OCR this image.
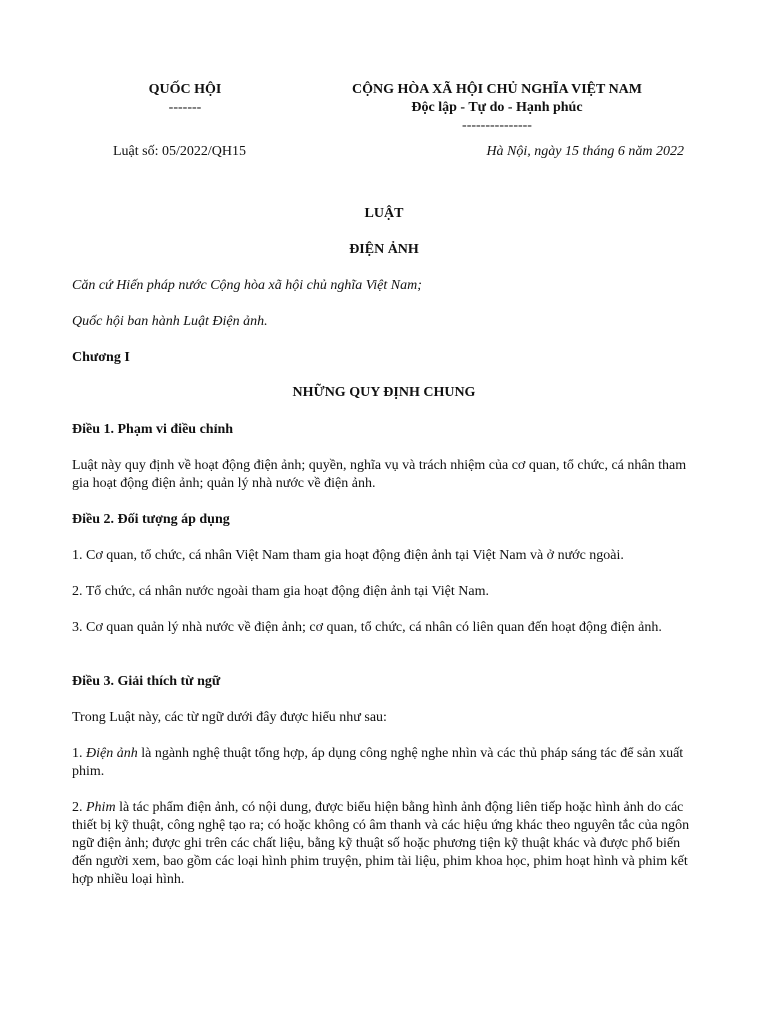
QUỐC HỘI
-------
CỘNG HÒA XÃ HỘI CHỦ NGHĨA VIỆT NAM
Độc lập - Tự do - Hạnh phúc
---------------
Luật số: 05/2022/QH15	Hà Nội, ngày 15 tháng 6 năm 2022
LUẬT
ĐIỆN ẢNH

Căn cứ Hiến pháp nước Cộng hòa xã hội chủ nghĩa Việt Nam;

Quốc hội ban hành Luật Điện ảnh.

Chương I

NHỮNG QUY ĐỊNH CHUNG

Điều 1. Phạm vi điều chỉnh

Luật này quy định về hoạt động điện ảnh; quyền, nghĩa vụ và trách nhiệm của cơ quan, tổ chức, cá nhân tham gia hoạt động điện ảnh; quản lý nhà nước về điện ảnh.

Điều 2. Đối tượng áp dụng

1. Cơ quan, tổ chức, cá nhân Việt Nam tham gia hoạt động điện ảnh tại Việt Nam và ở nước ngoài.

2. Tổ chức, cá nhân nước ngoài tham gia hoạt động điện ảnh tại Việt Nam.

3. Cơ quan quản lý nhà nước về điện ảnh; cơ quan, tổ chức, cá nhân có liên quan đến hoạt động điện ảnh.

Điều 3. Giải thích từ ngữ

Trong Luật này, các từ ngữ dưới đây được hiểu như sau:

1. Điện ảnh là ngành nghệ thuật tổng hợp, áp dụng công nghệ nghe nhìn và các thủ pháp sáng tác để sản xuất phim.

2. Phim là tác phẩm điện ảnh, có nội dung, được biểu hiện bằng hình ảnh động liên tiếp hoặc hình ảnh do các thiết bị kỹ thuật, công nghệ tạo ra; có hoặc không có âm thanh và các hiệu ứng khác theo nguyên tắc của ngôn ngữ điện ảnh; được ghi trên các chất liệu, bằng kỹ thuật số hoặc phương tiện kỹ thuật khác và được phổ biến đến người xem, bao gồm các loại hình phim truyện, phim tài liệu, phim khoa học, phim hoạt hình và phim kết hợp nhiều loại hình.
